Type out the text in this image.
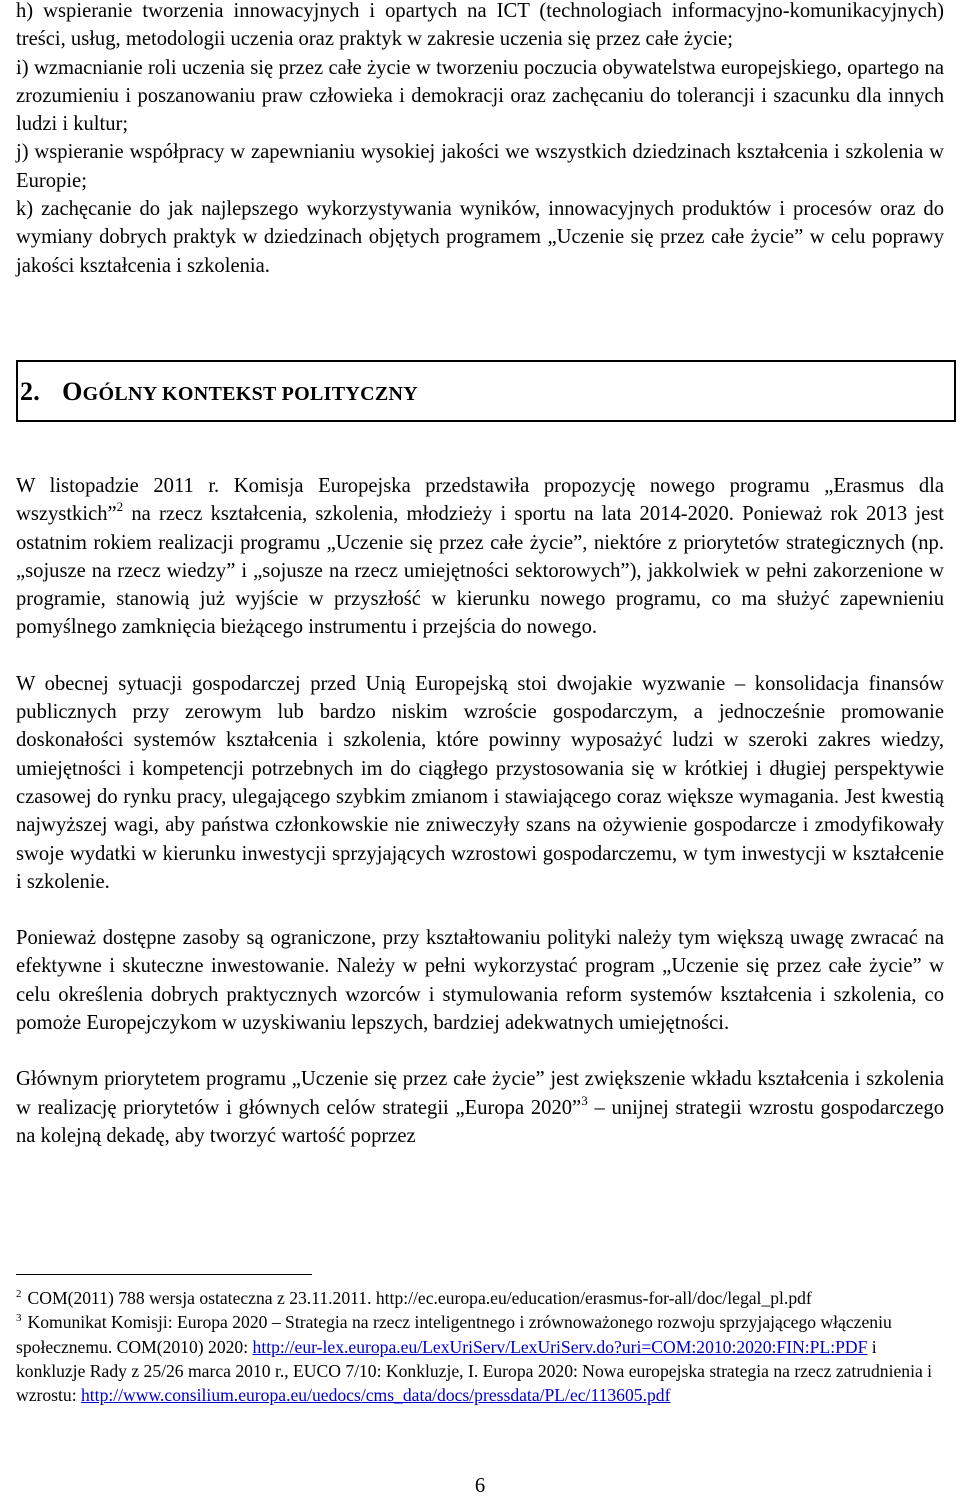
h) wspieranie tworzenia innowacyjnych i opartych na ICT (technologiach informacyjno-komunikacyjnych) treści, usług, metodologii uczenia oraz praktyk w zakresie uczenia się przez całe życie;

i) wzmacnianie roli uczenia się przez całe życie w tworzeniu poczucia obywatelstwa europejskiego, opartego na zrozumieniu i poszanowaniu praw człowieka i demokracji oraz zachęcaniu do tolerancji i szacunku dla innych ludzi i kultur;

j) wspieranie współpracy w zapewnianiu wysokiej jakości we wszystkich dziedzinach kształcenia i szkolenia w Europie;

k) zachęcanie do jak najlepszego wykorzystywania wyników, innowacyjnych produktów i procesów oraz do wymiany dobrych praktyk w dziedzinach objętych programem „Uczenie się przez całe życie” w celu poprawy jakości kształcenia i szkolenia.

2. OGÓLNY KONTEKST POLITYCZNY

W listopadzie 2011 r. Komisja Europejska przedstawiła propozycję nowego programu „Erasmus dla wszystkich”$^2$ na rzecz kształcenia, szkolenia, młodzieży i sportu na lata 2014-2020. Ponieważ rok 2013 jest ostatnim rokiem realizacji programu „Uczenie się przez całe życie”, niektóre z priorytetów strategicznych (np. „sojusze na rzecz wiedzy” i „sojusze na rzecz umiejętności sektorowych”), jakkolwiek w pełni zakorzenione w programie, stanowią już wyjście w przyszłość w kierunku nowego programu, co ma służyć zapewnieniu pomyślnego zamknięcia bieżącego instrumentu i przejścia do nowego.

W obecnej sytuacji gospodarczej przed Unią Europejską stoi dwojakie wyzwanie – konsolidacja finansów publicznych przy zerowym lub bardzo niskim wzroście gospodarczym, a jednocześnie promowanie doskonałości systemów kształcenia i szkolenia, które powinny wyposażyć ludzi w szeroki zakres wiedzy, umiejętności i kompetencji potrzebnych im do ciągłego przystosowania się w krótkiej i długiej perspektywie czasowej do rynku pracy, ulegającego szybkim zmianom i stawiającego coraz większe wymagania. Jest kwestią najwyższej wagi, aby państwa członkowskie nie zniweczyły szans na ożywienie gospodarcze i zmodyfikowały swoje wydatki w kierunku inwestycji sprzyjających wzrostowi gospodarczemu, w tym inwestycji w kształcenie i szkolenie.

Ponieważ dostępne zasoby są ograniczone, przy kształtowaniu polityki należy tym większą uwagę zwracać na efektywne i skuteczne inwestowanie. Należy w pełni wykorzystać program „Uczenie się przez całe życie” w celu określenia dobrych praktycznych wzorców i stymulowania reform systemów kształcenia i szkolenia, co pomoże Europejczykom w uzyskiwaniu lepszych, bardziej adekwatnych umiejętności.

Głównym priorytetem programu „Uczenie się przez całe życie” jest zwiększenie wkładu kształcenia i szkolenia w realizację priorytetów i głównych celów strategii „Europa 2020”$^3$ – unijnej strategii wzrostu gospodarczego na kolejną dekadę, aby tworzyć wartość poprzez

$^2$ COM(2011) 788 wersja ostateczna z 23.11.2011. http://ec.europa.eu/education/erasmus-for-all/doc/legal_pl.pdf

$^3$ Komunikat Komisji: Europa 2020 – Strategia na rzecz inteligentnego i zrównoważonego rozwoju sprzyjającego włączeniu społecznemu. COM(2010) 2020: http://eur-lex.europa.eu/LexUriServ/LexUriServ.do?uri=COM:2010:2020:FIN:PL:PDF i konkluzje Rady z 25/26 marca 2010 r., EUCO 7/10: Konkluzje, I. Europa 2020: Nowa europejska strategia na rzecz zatrudnienia i wzrostu: http://www.consilium.europa.eu/uedocs/cms_data/docs/pressdata/PL/ec/113605.pdf

6
